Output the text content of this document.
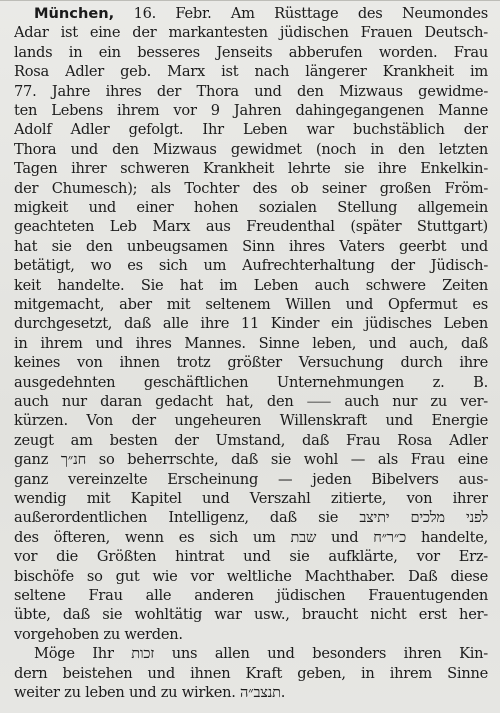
München, 16. Febr. Am Rüsttage des Neumondes
Adar ist eine der markantesten jüdischen Frauen Deutsch-
lands in ein besseres Jenseits abberufen worden. Frau
Rosa Adler geb. Marx ist nach längerer Krankheit im
77. Jahre ihres der Thora und den Mizwaus gewidme-
ten Lebens ihrem vor 9 Jahren dahingegangenen Manne
Adolf Adler gefolgt. Ihr Leben war buchstäblich der
Thora und den Mizwaus gewidmet (noch in den letzten
Tagen ihrer schweren Krankheit lehrte sie ihre Enkelkin-
der Chumesch); als Tochter des ob seiner großen Fröm-
migkeit und einer hohen sozialen Stellung allgemein
geachteten Leb Marx aus Freudenthal (später Stuttgart)
hat sie den unbeugsamen Sinn ihres Vaters geerbt und
betätigt, wo es sich um Aufrechterhaltung der Jüdisch-
keit handelte. Sie hat im Leben auch schwere Zeiten
mitgemacht, aber mit seltenem Willen und Opfermut es
durchgesetzt, daß alle ihre 11 Kinder ein jüdisches Leben
in ihrem und ihres Mannes. Sinne leben, und auch, daß
keines von ihnen trotz größter Versuchung durch ihre
ausgedehnten geschäftlichen Unternehmungen z. B.
auch nur daran gedacht hat, den ⸺ auch nur zu ver-
kürzen. Von der ungeheuren Willenskraft und Energie
zeugt am besten der Umstand, daß Frau Rosa Adler
ganz חנ״ך so beherrschte, daß sie wohl — als Frau eine
ganz vereinzelte Erscheinung — jeden Bibelvers aus-
wendig mit Kapitel und Verszahl zitierte, von ihrer
außerordentlichen Intelligenz, daß sie לפני מלכים יתיצב
des öfteren, wenn es sich um שבת und כ״ר״ח handelte,
vor die Größten hintrat und sie aufklärte, vor Erz-
bischöfe so gut wie vor weltliche Machthaber. Daß diese
seltene Frau alle anderen jüdischen Frauentugenden
übte, daß sie wohltätig war usw., braucht nicht erst her-
vorgehoben zu werden.
Möge Ihr זכות uns allen und besonders ihren Kin-
dern beistehen und ihnen Kraft geben, in ihrem Sinne
weiter zu leben und zu wirken. תנצב״ה.
